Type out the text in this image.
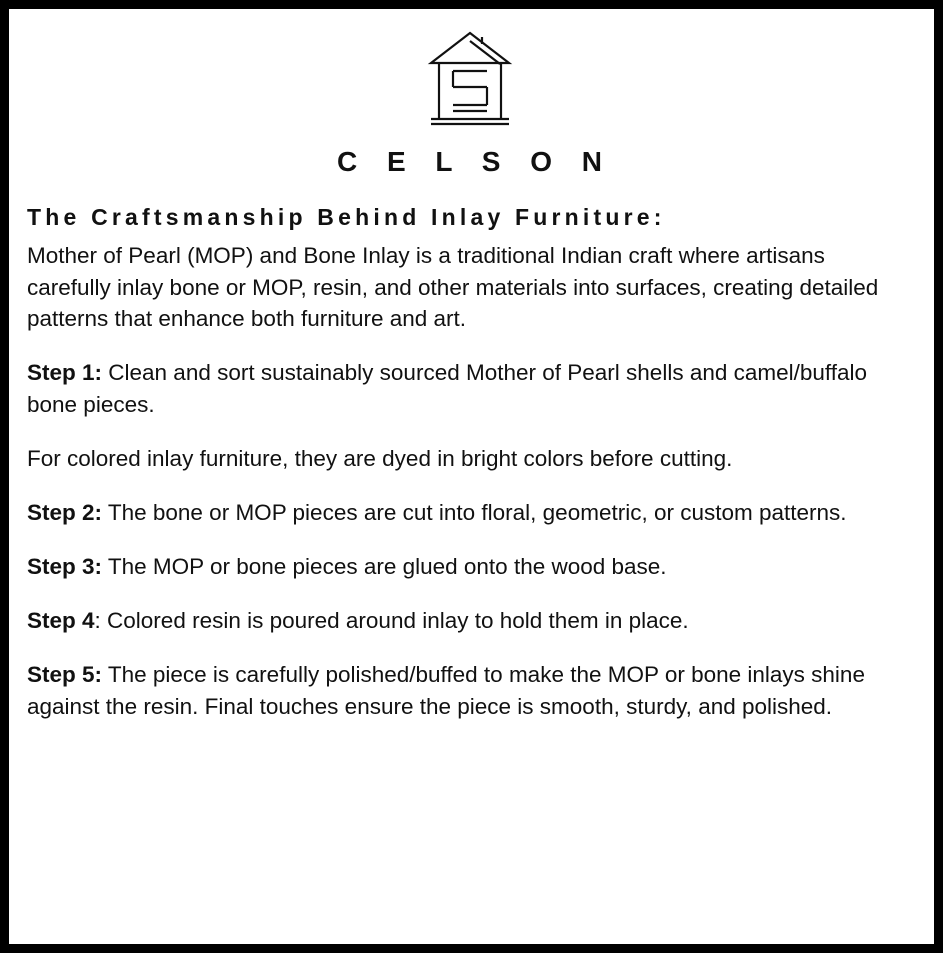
C E L S O N
The Craftsmanship Behind Inlay Furniture:

Mother of Pearl (MOP) and Bone Inlay is a traditional Indian craft where artisans carefully inlay bone or MOP, resin, and other materials into surfaces, creating detailed patterns that enhance both furniture and art.

Step 1: Clean and sort sustainably sourced Mother of Pearl shells and camel/buffalo bone pieces.

For colored inlay furniture, they are dyed in bright colors before cutting.

Step 2: The bone or MOP pieces are cut into floral, geometric, or custom patterns.

Step 3: The MOP or bone pieces are glued onto the wood base.

Step 4: Colored resin is poured around inlay to hold them in place.

Step 5: The piece is carefully polished/buffed to make the MOP or bone inlays shine against the resin. Final touches ensure the piece is smooth, sturdy, and polished.
